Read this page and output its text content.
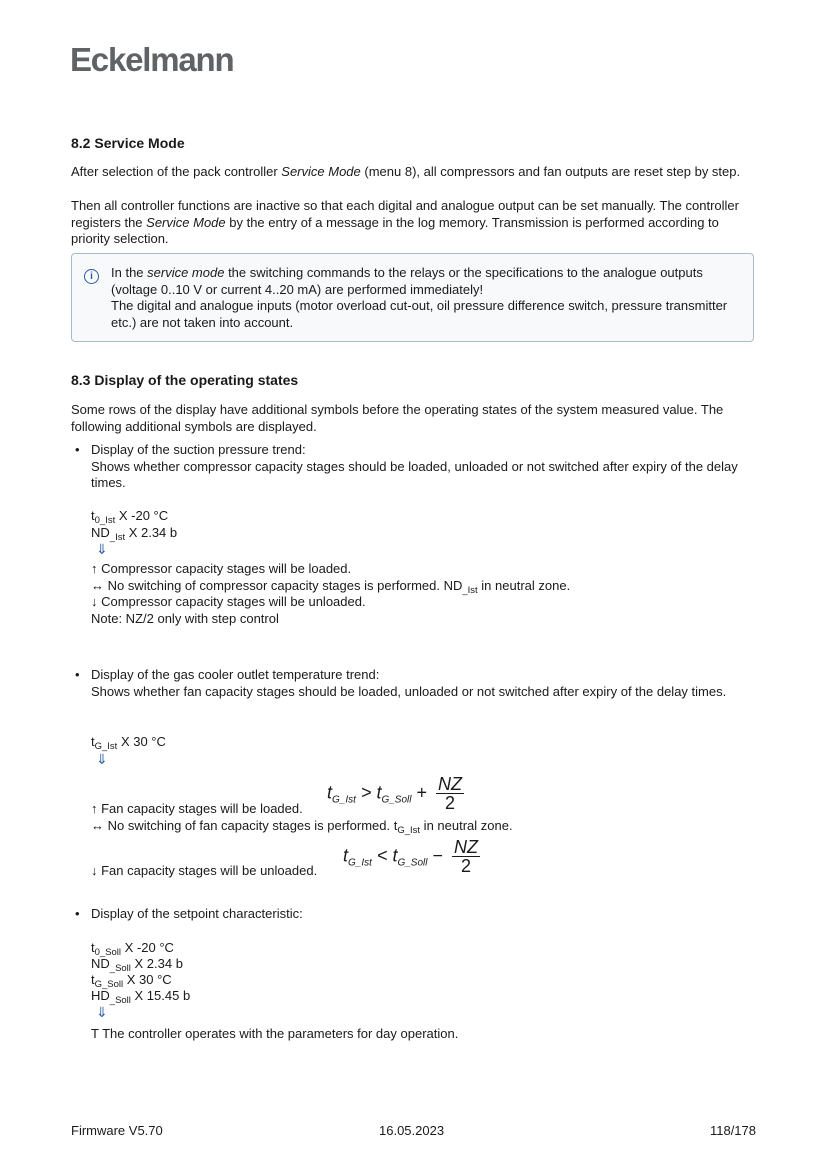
Eckelmann
8.2 Service Mode
After selection of the pack controller Service Mode (menu 8), all compressors and fan outputs are reset step by step.
Then all controller functions are inactive so that each digital and analogue output can be set manually. The controller registers the Service Mode by the entry of a message in the log memory. Transmission is performed according to priority selection.
i	In the service mode the switching commands to the relays or the specifications to the analogue outputs (voltage 0..10 V or current 4..20 mA) are performed immediately!
The digital and analogue inputs (motor overload cut-out, oil pressure difference switch, pressure transmitter etc.) are not taken into account.
8.3 Display of the operating states
Some rows of the display have additional symbols before the operating states of the system measured value. The following additional symbols are displayed.
• Display of the suction pressure trend:
Shows whether compressor capacity stages should be loaded, unloaded or not switched after expiry of the delay times.
$t_{0\_Ist}$ X -20 °C
$ND_{\_Ist}$ X 2.34 b
⇓
↑ Compressor capacity stages will be loaded.
↔ No switching of compressor capacity stages is performed. $ND_{\_Ist}$ in neutral zone.
↓ Compressor capacity stages will be unloaded.
Note: NZ/2 only with step control
• Display of the gas cooler outlet temperature trend:
Shows whether fan capacity stages should be loaded, unloaded or not switched after expiry of the delay times.
$t_{G\_Ist}$ X 30 °C
⇓
↑ Fan capacity stages will be loaded.
$t_{G\_Ist} > t_{G\_Soll} + \frac{NZ}{2}$
↔ No switching of fan capacity stages is performed. $t_{G\_Ist}$ in neutral zone.
$t_{G\_Ist} < t_{G\_Soll} - \frac{NZ}{2}$
↓ Fan capacity stages will be unloaded.
• Display of the setpoint characteristic:
$t_{0\_Soll}$ X -20 °C
$ND_{\_Soll}$ X 2.34 b
$t_{G\_Soll}$ X 30 °C
$HD_{\_Soll}$ X 15.45 b
⇓
T The controller operates with the parameters for day operation.
Firmware V5.70	16.05.2023	118/178
